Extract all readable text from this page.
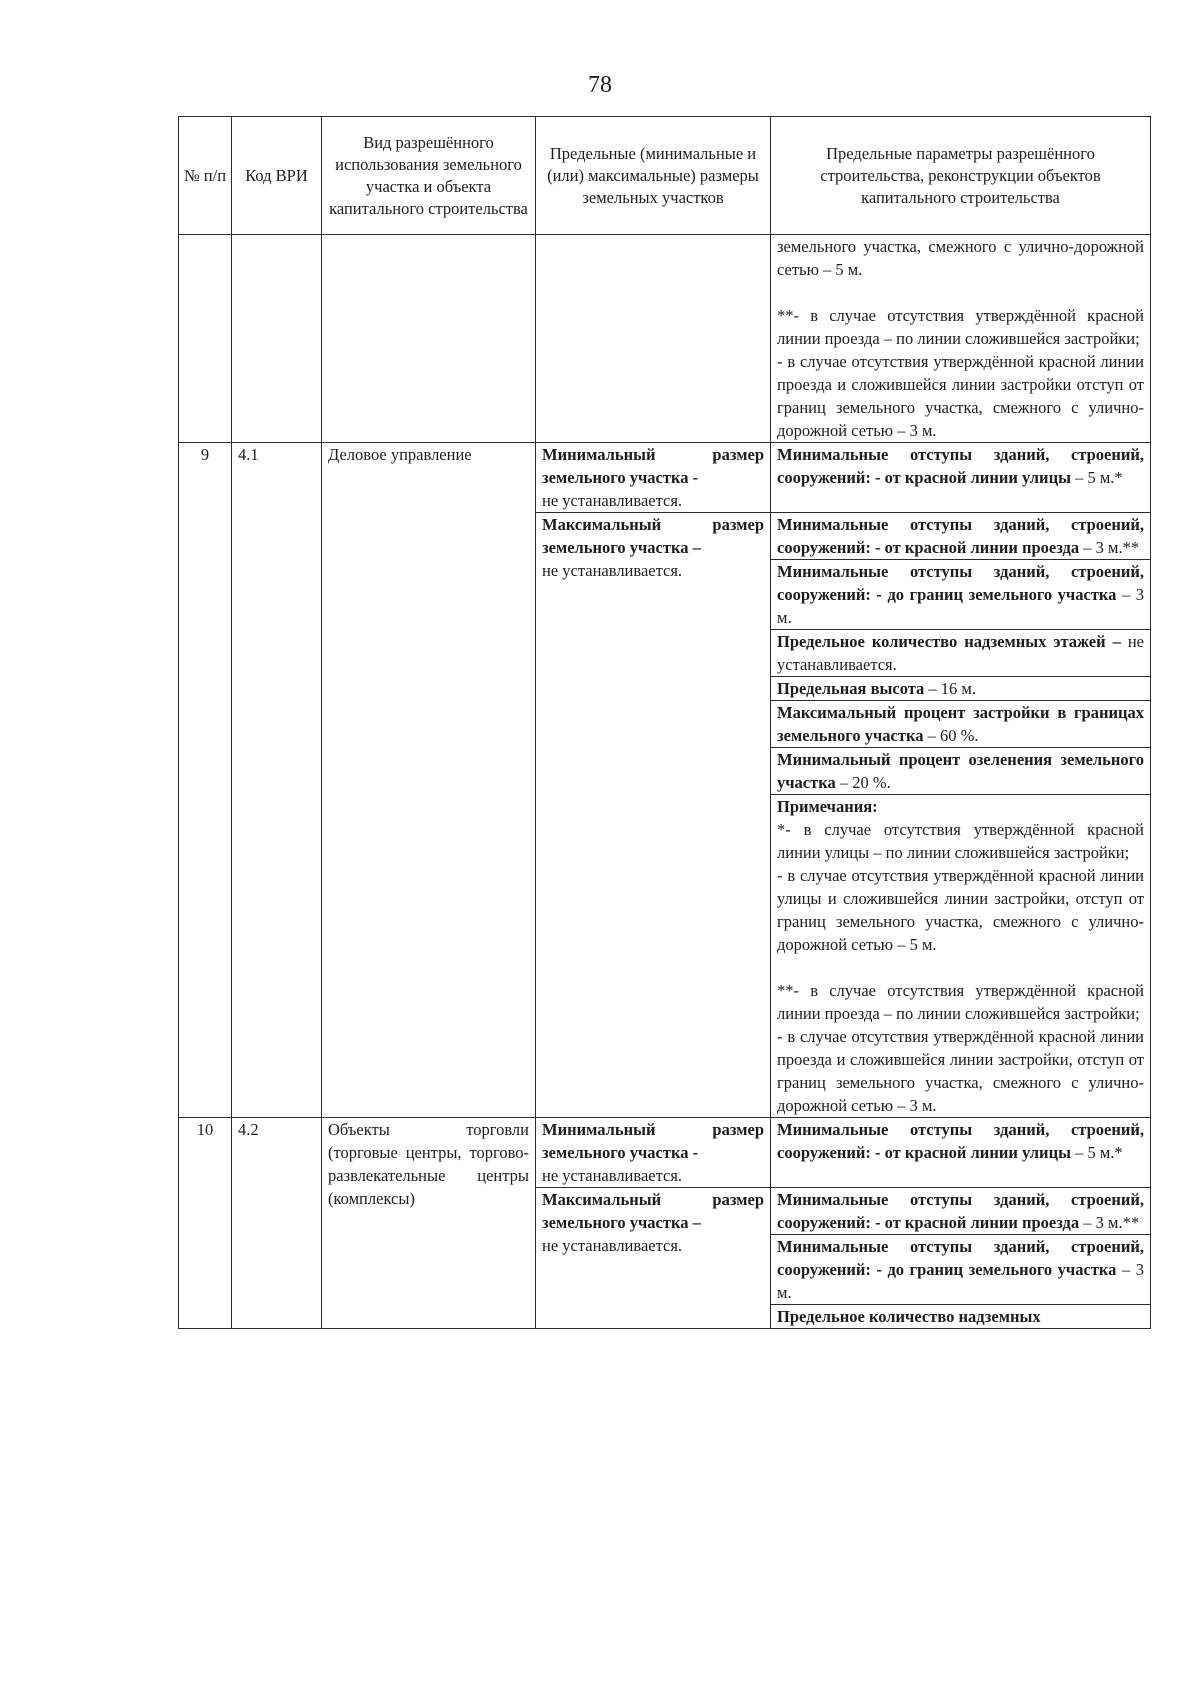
78
№ п/п	Код ВРИ	Вид разрешённого использования земельного участка и объекта капитального строительства	Предельные (минимальные и (или) максимальные) размеры земельных участков	Предельные параметры разрешённого строительства, реконструкции объектов капитального строительства

				земельного участка, смежного с улично-дорожной сетью – 5 м.
**- в случае отсутствия утверждённой красной линии проезда – по линии сложившейся застройки;
- в случае отсутствия утверждённой красной линии проезда и сложившейся линии застройки отступ от границ земельного участка, смежного с улично-дорожной сетью – 3 м.

9	4.1	Деловое управление	Минимальный размер земельного участка -
не устанавливается.	Минимальные отступы зданий, строений, сооружений: - от красной линии улицы – 5 м.*

			Максимальный размер земельного участка –
не устанавливается.	Минимальные отступы зданий, строений, сооружений: - от красной линии проезда – 3 м.**
				Минимальные отступы зданий, строений, сооружений: - до границ земельного участка – 3 м.
				Предельное количество надземных этажей – не устанавливается.
				Предельная высота – 16 м.
				Максимальный процент застройки в границах земельного участка – 60 %.
				Минимальный процент озеленения земельного участка – 20 %.

				Примечания:
*- в случае отсутствия утверждённой красной линии улицы – по линии сложившейся застройки;
- в случае отсутствия утверждённой красной линии улицы и сложившейся линии застройки, отступ от границ земельного участка, смежного с улично-дорожной сетью – 5 м.
**- в случае отсутствия утверждённой красной линии проезда – по линии сложившейся застройки;
- в случае отсутствия утверждённой красной линии проезда и сложившейся линии застройки, отступ от границ земельного участка, смежного с улично-дорожной сетью – 3 м.

10	4.2	Объекты торговли (торговые центры, торгово-развлекательные центры (комплексы)	Минимальный размер земельного участка -
не устанавливается.	Минимальные отступы зданий, строений, сооружений: - от красной линии улицы – 5 м.*

			Максимальный размер земельного участка –
не устанавливается.	Минимальные отступы зданий, строений, сооружений: - от красной линии проезда – 3 м.**
				Минимальные отступы зданий, строений, сооружений: - до границ земельного участка – 3 м.
				Предельное количество надземных
